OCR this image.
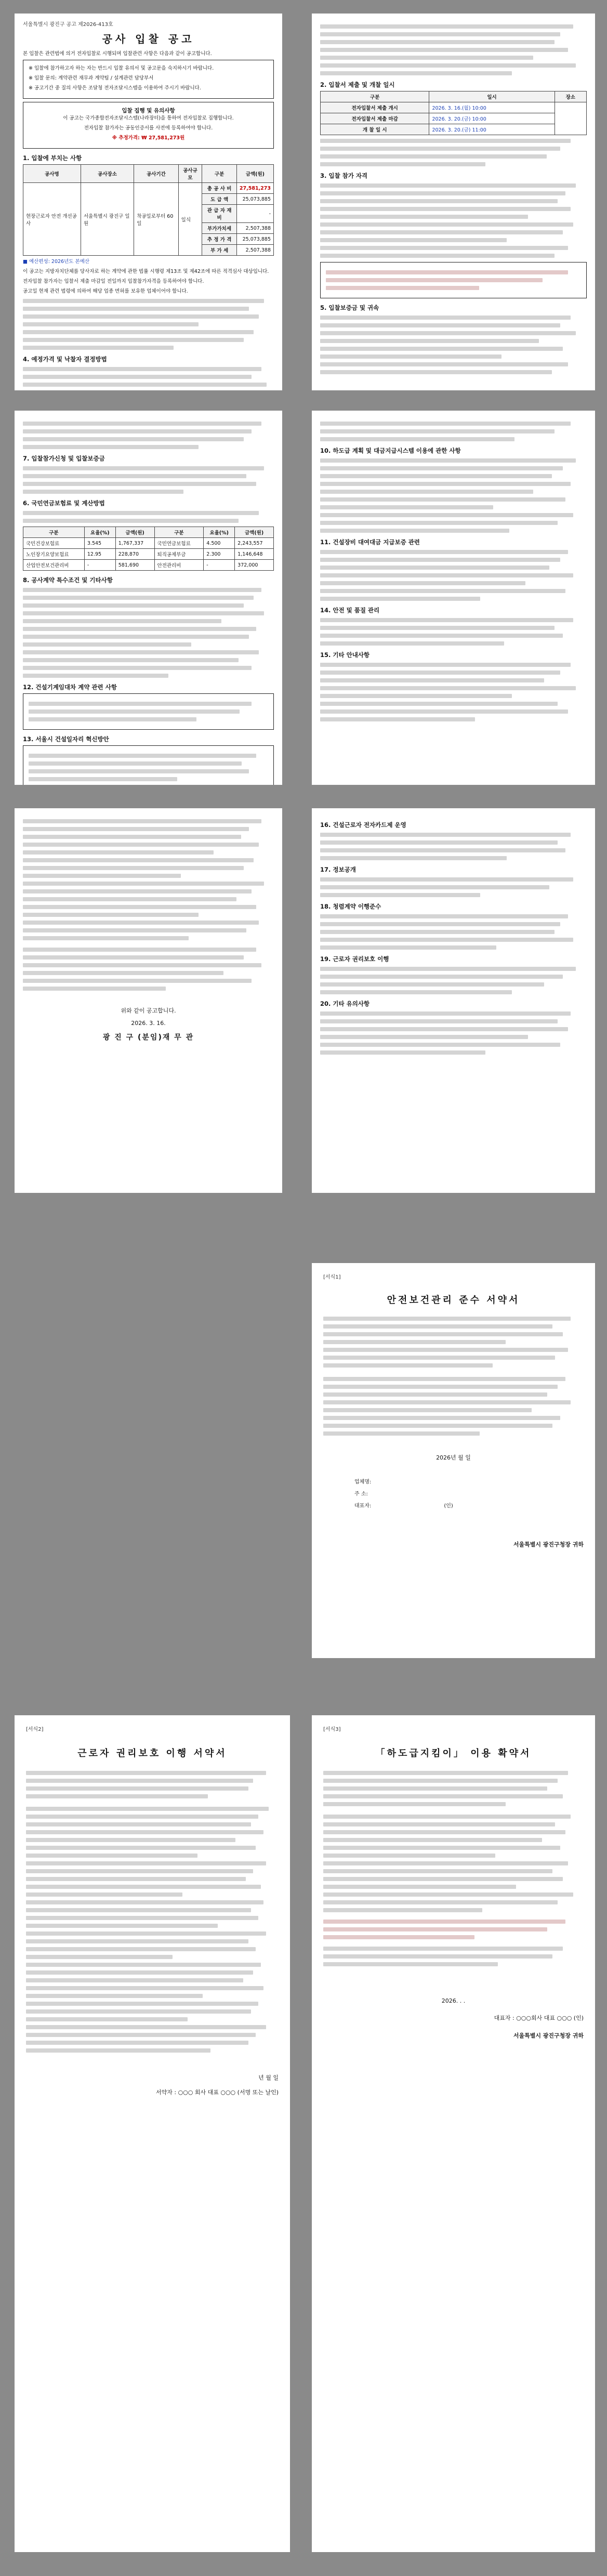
서울특별시 광진구 공고 제2026-413호
공사 입찰 공고
본 입찰은 관련법에 의거 전자입찰로 시행되며 입찰관련 사항은 다음과 같이 공고합니다.
※ 입찰에 참가하고자 하는 자는 반드시 입찰 유의서 및 공고문을 숙지하시기 바랍니다.
※ 입찰 문의: 계약관련 재무과 계약팀 / 설계관련 담당부서
※ 공고기간 중 질의 사항은 조달청 전자조달시스템을 이용하여 주시기 바랍니다.
입찰 집행 및 유의사항
이 공고는 국가종합전자조달시스템(나라장터)을 통하여 전자입찰로 집행합니다.
전자입찰 참가자는 공동인증서를 사전에 등록하여야 합니다.
※ 추정가격: ₩ 27,581,273원
1. 입찰에 부치는 사항
공사명	공사장소	공사기간	공사규모	구분	금액(원)
현장근로자 안전 개선공사	서울특별시 광진구 일원	착공일로부터 60일	일식	총 공 사 비	27,581,273
				도 급 액	25,073,885
				관 급 자 재 비	-
				부가가치세	2,507,388
				추 정 가 격	25,073,885
				부 가 세	2,507,388
■ 예산편성: 2026년도 본예산
이 공고는 지방자치단체를 당사자로 하는 계약에 관한 법률 시행령 제13조 및 제42조에 따른 적격심사 대상입니다.
전자입찰 참가자는 입찰서 제출 마감일 전일까지 입찰참가자격을 등록하여야 합니다.
공고일 현재 관련 법령에 의하여 해당 업종 면허를 보유한 업체이어야 합니다.
4. 예정가격 및 낙찰자 결정방법
2. 입찰서 제출 및 개찰 일시
구분	일시	장소
전자입찰서 제출 개시	2026. 3. 16.(월) 10:00	
전자입찰서 제출 마감	2026. 3. 20.(금) 10:00	
개 찰 일 시	2026. 3. 20.(금) 11:00	
3. 입찰 참가 자격
5. 입찰보증금 및 귀속
7. 입찰참가신청 및 입찰보증금
6. 국민연금보험료 및 계산방법
구분	요율(%)	금액(원)	구분	요율(%)	금액(원)
국민건강보험료	3.545	1,767,337	국민연금보험료	4.500	2,243,557
노인장기요양보험료	12.95	228,870	퇴직공제부금	2.300	1,146,648
산업안전보건관리비	-	581,690	안전관리비	-	372,000
8. 공사계약 특수조건 및 기타사항
12. 건설기계임대차 계약 관련 사항
13. 서울시 건설일자리 혁신방안
10. 하도급 계획 및 대금지급시스템 이용에 관한 사항
11. 건설장비 대여대금 지급보증 관련
14. 안전 및 품질 관리
15. 기타 안내사항
위와 같이 공고합니다.
2026. 3. 16.
광 진 구 (분임)재 무 관
16. 건설근로자 전자카드제 운영
17. 정보공개
18. 청렴계약 이행준수
19. 근로자 권리보호 이행
20. 기타 유의사항
[서식1]
안전보건관리 준수 서약서
2026년 월 일
업체명:
주 소:
대표자:	(인)
서울특별시 광진구청장 귀하
[서식2]
근로자 권리보호 이행 서약서
년 월 일
서약자 : ○○○ 회사 대표 ○○○ (서명 또는 날인)
[서식3]
「하도급지킴이」 이용 확약서
2026. . .
대표자 : ○○○회사 대표 ○○○ (인)
서울특별시 광진구청장 귀하
